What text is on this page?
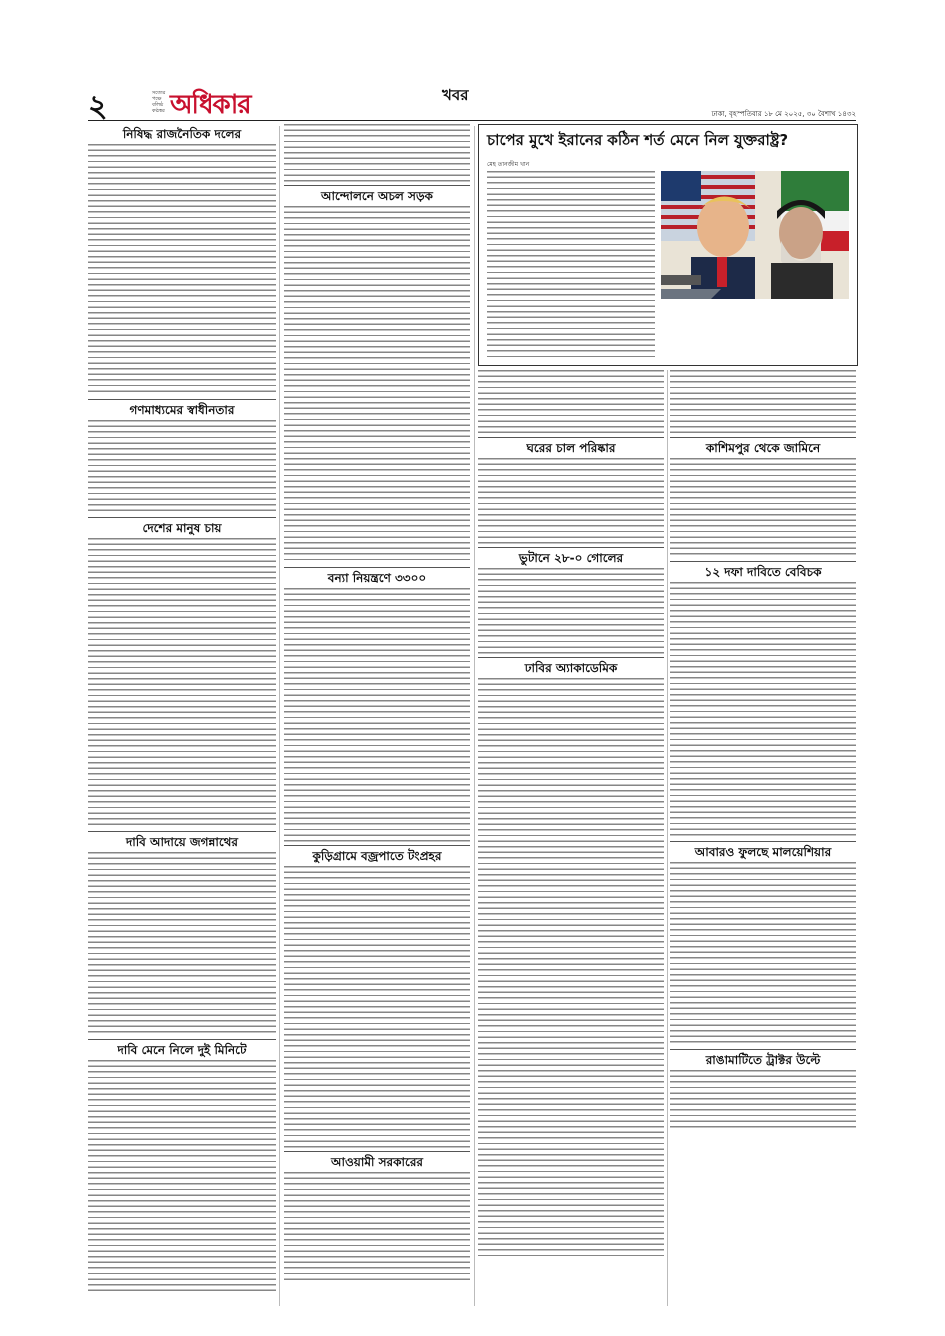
২	সত্যের পক্ষে বলিষ্ঠ কণ্ঠস্বর অধিকার	খবর
ঢাকা, বৃহস্পতিবার ১৮ মে ২০২৫, ৩০ বৈশাখ ১৪৩২
নিষিদ্ধ রাজনৈতিক দলের
গণমাধ্যমের স্বাধীনতার
দেশের মানুষ চায়
দাবি আদায়ে জগন্নাথের
দাবি মেনে নিলে দুই মিনিটে
আন্দোলনে অচল সড়ক
বন্যা নিয়ন্ত্রণে ৩৩০০
কুড়িগ্রামে বজ্রপাতে টংপ্রহর
আওয়ামী সরকারের
চাপের মুখে ইরানের কঠিন শর্ত মেনে নিল যুক্তরাষ্ট্র?
মেহ তানজীম খান
ঘরের চাল পরিষ্কার
ভুটানে ২৮-০ গোলের
ঢাবির অ্যাকাডেমিক
কাশিমপুর থেকে জামিনে
১২ দফা দাবিতে বেবিচক
আবারও ফুলছে মালয়েশিয়ার
রাঙামাটিতে ট্রাক্টর উল্টে
